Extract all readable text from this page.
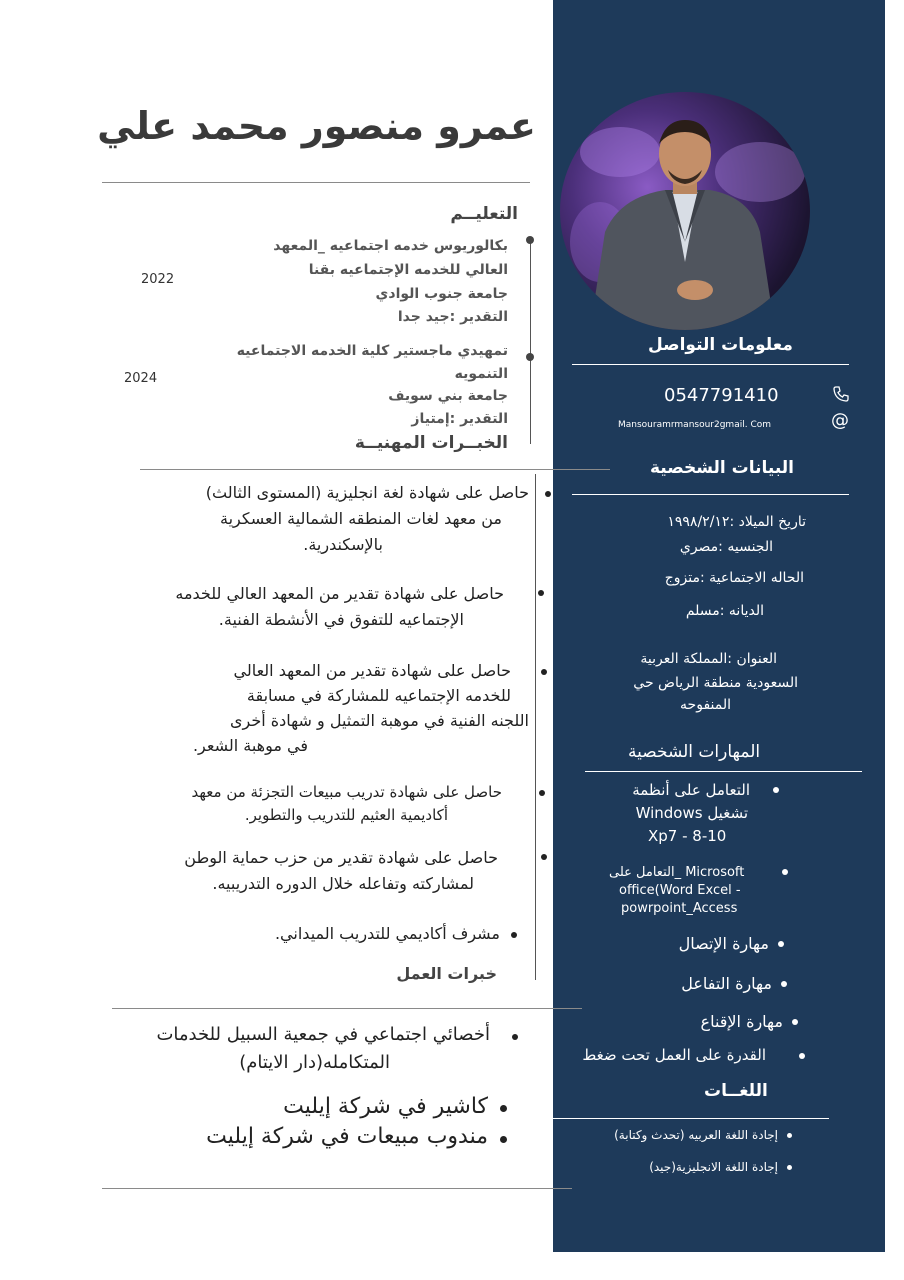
معلومات التواصل
0547791410
Mansouramrmansour2gmail. Com	@
البيانات الشخصية
تاريخ الميلاد :١٩٩٨/٢/١٢
الجنسيه :مصري
الحاله الاجتماعية :متزوج
الديانه :مسلم
العنوان :المملكة العربية
السعودية منطقة الرياض حي
المنفوحه
المهارات الشخصية
التعامل على أنظمة
تشغيل Windows
Xp7 - 8-10
التعامل على_ Microsoft
office(Word Excel -
powrpoint_Access
مهارة الإتصال
مهارة التفاعل
مهارة الإقناع
القدرة على العمل تحت ضغط
اللغــات
إجادة اللغة العربيه (تحدث وكتابة)
إجادة اللغة الانجليزية(جيد)
عمرو منصور محمد علي
التعليــم
بكالوريوس خدمه اجتماعيه _المعهد
العالي للخدمه الإجتماعيه بقنا
جامعة جنوب الوادي
التقدير :جيد جدا
2022
تمهيدي ماجستير كلية الخدمه الاجتماعيه
التنمويه
جامعة بني سويف
التقدير :إمتياز
2024
الخبــرات المهنيــة
حاصل على شهادة لغة انجليزية (المستوى الثالث)
من معهد لغات المنطقه الشمالية العسكرية
بالإسكندرية.
حاصل على شهادة تقدير من المعهد العالي للخدمه
الإجتماعيه للتفوق في الأنشطة الفنية.
حاصل على شهادة تقدير من المعهد العالي
للخدمه الإجتماعيه للمشاركة في مسابقة
اللجنه الفنية في موهبة التمثيل و شهادة أخرى
في موهبة الشعر.
حاصل على شهادة تدريب مبيعات التجزئة من معهد
أكاديمية العثيم للتدريب والتطوير.
حاصل على شهادة تقدير من حزب حماية الوطن
لمشاركته وتفاعله خلال الدوره التدريبيه.
مشرف أكاديمي للتدريب الميداني.
خبرات العمل
أخصائي اجتماعي في جمعية السبيل للخدمات
المتكامله(دار الايتام)
كاشير في شركة إيليت
مندوب مبيعات في شركة إيليت
